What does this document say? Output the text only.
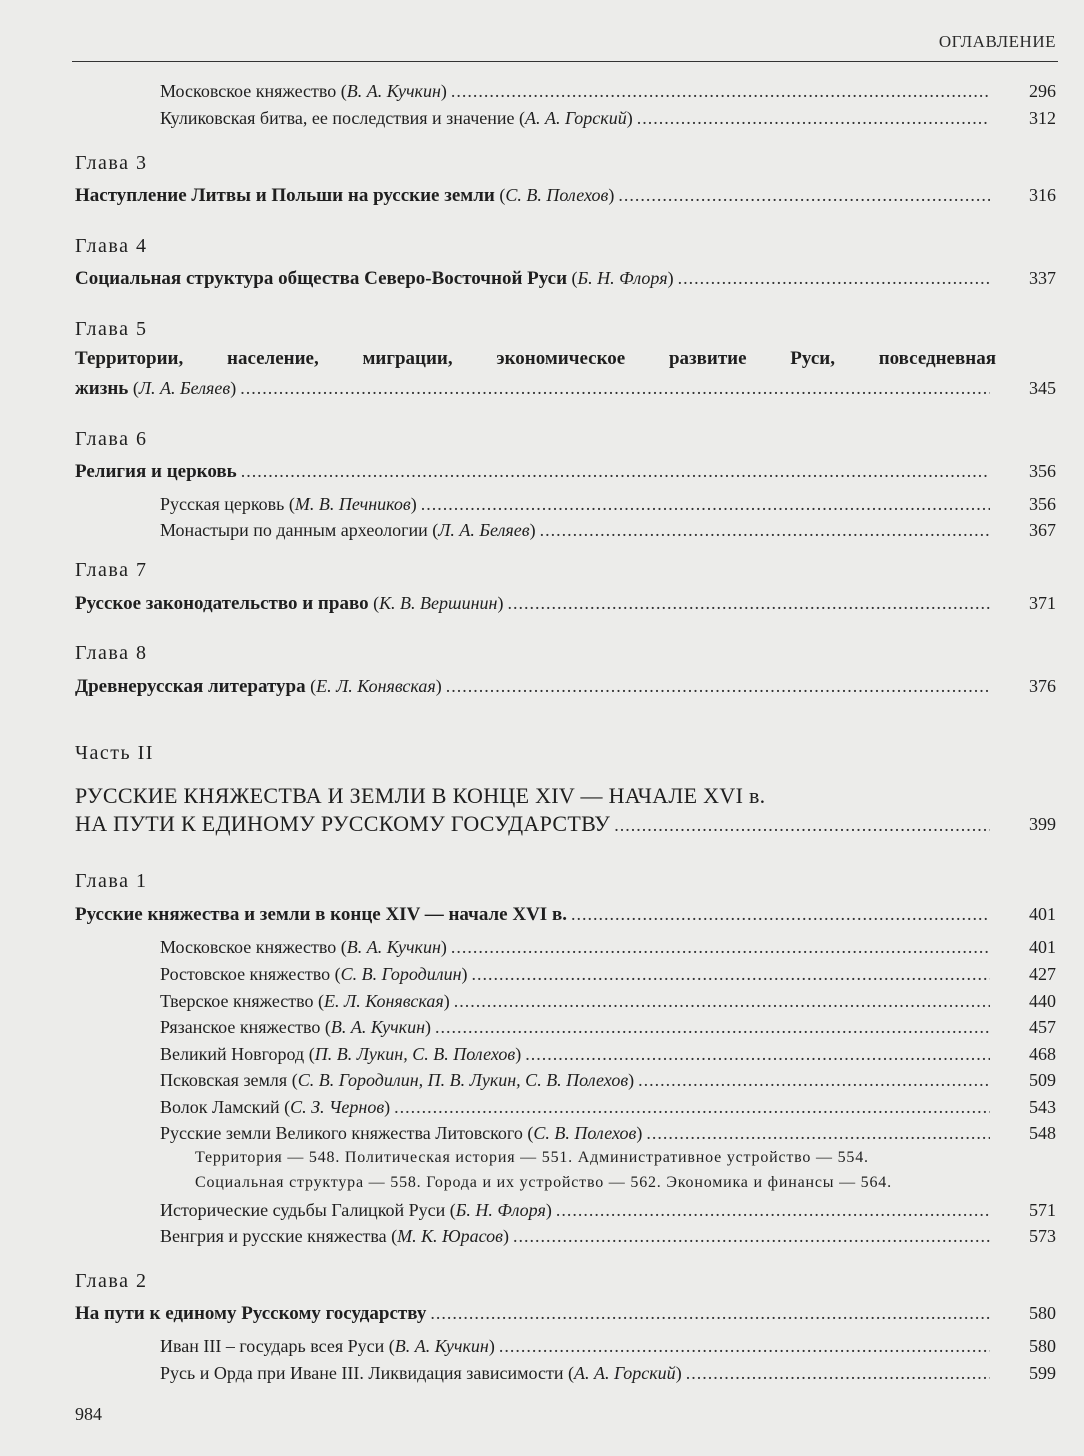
ОГЛАВЛЕНИЕ
Московское княжество (В. А. Кучкин) .....	296
Куликовская битва, ее последствия и значение (А. А. Горский) .....	312
Глава 3
Наступление Литвы и Польши на русские земли (С. В. Полехов) .....	316
Глава 4
Социальная структура общества Северо-Восточной Руси (Б. Н. Флоря) .....	337
Глава 5
Территории, население, миграции, экономическое развитие Руси, повседневная
жизнь (Л. А. Беляев) .....	345
Глава 6
Религия и церковь .....	356
Русская церковь (М. В. Печников) .....	356
Монастыри по данным археологии (Л. А. Беляев) .....	367
Глава 7
Русское законодательство и право (К. В. Вершинин) .....	371
Глава 8
Древнерусская литература (Е. Л. Конявская) .....	376
Часть II
РУССКИЕ КНЯЖЕСТВА И ЗЕМЛИ В КОНЦЕ XIV — НАЧАЛЕ XVI в.
НА ПУТИ К ЕДИНОМУ РУССКОМУ ГОСУДАРСТВУ .....	399
Глава 1
Русские княжества и земли в конце XIV — начале XVI в. .....	401
Московское княжество (В. А. Кучкин) .....	401
Ростовское княжество (С. В. Городилин) .....	427
Тверское княжество (Е. Л. Конявская) .....	440
Рязанское княжество (В. А. Кучкин) .....	457
Великий Новгород (П. В. Лукин, С. В. Полехов) .....	468
Псковская земля (С. В. Городилин, П. В. Лукин, С. В. Полехов) .....	509
Волок Ламский (С. З. Чернов) .....	543
Русские земли Великого княжества Литовского (С. В. Полехов) .....	548
Территория — 548. Политическая история — 551. Административное устройство — 554.
Социальная структура — 558. Города и их устройство — 562. Экономика и финансы — 564.
Исторические судьбы Галицкой Руси (Б. Н. Флоря) .....	571
Венгрия и русские княжества (М. К. Юрасов) .....	573
Глава 2
На пути к единому Русскому государству .....	580
Иван III – государь всея Руси (В. А. Кучкин) .....	580
Русь и Орда при Иване III. Ликвидация зависимости (А. А. Горский) .....	599
984
